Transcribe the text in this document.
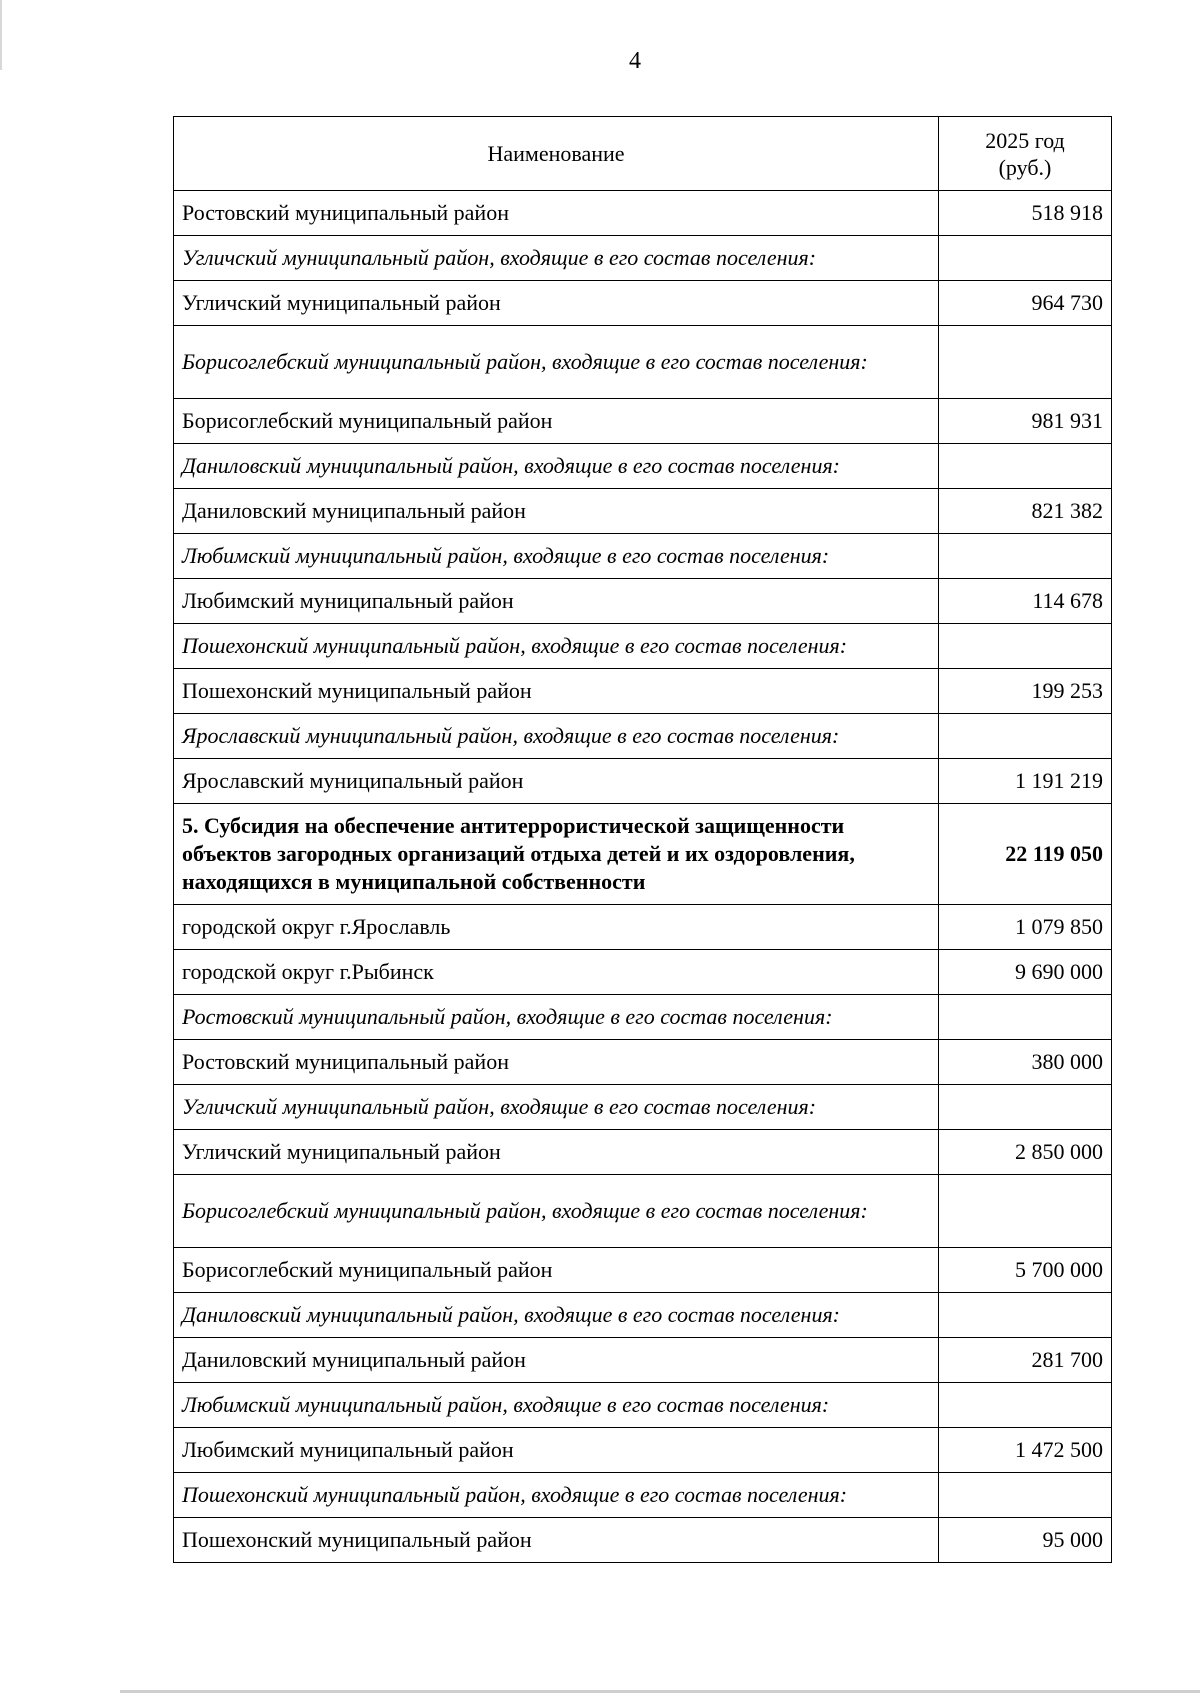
4
Наименование	2025 год
(руб.)
Ростовский муниципальный район	518 918
Угличский муниципальный район, входящие в его состав поселения:	
Угличский муниципальный район	964 730
Борисоглебский муниципальный район, входящие в его состав поселения:	
Борисоглебский муниципальный район	981 931
Даниловский муниципальный район, входящие в его состав поселения:	
Даниловский муниципальный район	821 382
Любимский муниципальный район, входящие в его состав поселения:	
Любимский муниципальный район	114 678
Пошехонский муниципальный район, входящие в его состав поселения:	
Пошехонский муниципальный район	199 253
Ярославский муниципальный район, входящие в его состав поселения:	
Ярославский муниципальный район	1 191 219
5. Субсидия на обеспечение антитеррористической защищенности объектов загородных организаций отдыха детей и их оздоровления, находящихся в муниципальной собственности	22 119 050
городской округ г.Ярославль	1 079 850
городской округ г.Рыбинск	9 690 000
Ростовский муниципальный район, входящие в его состав поселения:	
Ростовский муниципальный район	380 000
Угличский муниципальный район, входящие в его состав поселения:	
Угличский муниципальный район	2 850 000
Борисоглебский муниципальный район, входящие в его состав поселения:	
Борисоглебский муниципальный район	5 700 000
Даниловский муниципальный район, входящие в его состав поселения:	
Даниловский муниципальный район	281 700
Любимский муниципальный район, входящие в его состав поселения:	
Любимский муниципальный район	1 472 500
Пошехонский муниципальный район, входящие в его состав поселения:	
Пошехонский муниципальный район	95 000
